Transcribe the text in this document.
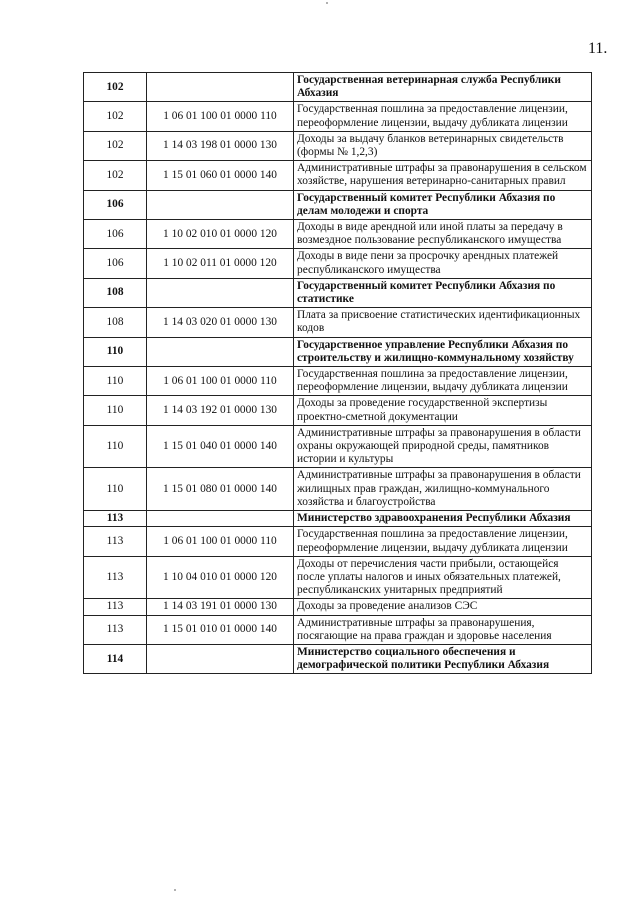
11.
102		Государственная ветеринарная служба Республики Абхазия
102	1 06 01 100 01 0000 110	Государственная пошлина за предоставление лицензии, переоформление лицензии, выдачу дубликата лицензии
102	1 14 03 198 01 0000 130	Доходы за выдачу бланков ветеринарных свидетельств (формы № 1,2,3)
102	1 15 01 060 01 0000 140	Административные штрафы за правонарушения в сельском хозяйстве, нарушения ветеринарно-санитарных правил
106		Государственный комитет Республики Абхазия по делам молодежи и спорта
106	1 10 02 010 01 0000 120	Доходы в виде арендной или иной платы за передачу в возмездное пользование республиканского имущества
106	1 10 02 011 01 0000 120	Доходы в виде пени за просрочку арендных платежей республиканского имущества
108		Государственный комитет Республики Абхазия по статистике
108	1 14 03 020 01 0000 130	Плата за присвоение статистических идентификационных кодов
110		Государственное управление Республики Абхазия по строительству и жилищно-коммунальному хозяйству
110	1 06 01 100 01 0000 110	Государственная пошлина за предоставление лицензии, переоформление лицензии, выдачу дубликата лицензии
110	1 14 03 192 01 0000 130	Доходы за проведение государственной экспертизы проектно-сметной документации
110	1 15 01 040 01 0000 140	Административные штрафы за правонарушения в области охраны окружающей природной среды, памятников истории и культуры
110	1 15 01 080 01 0000 140	Административные штрафы за правонарушения в области жилищных прав граждан, жилищно-коммунального хозяйства и благоустройства
113		Министерство здравоохранения Республики Абхазия
113	1 06 01 100 01 0000 110	Государственная пошлина за предоставление лицензии, переоформление лицензии, выдачу дубликата лицензии
113	1 10 04 010 01 0000 120	Доходы от перечисления части прибыли, остающейся после уплаты налогов и иных обязательных платежей, республиканских унитарных предприятий
113	1 14 03 191 01 0000 130	Доходы за проведение анализов СЭС
113	1 15 01 010 01 0000 140	Административные штрафы за правонарушения, посягающие на права граждан и здоровье населения
114		Министерство социального обеспечения и демографической политики Республики Абхазия
